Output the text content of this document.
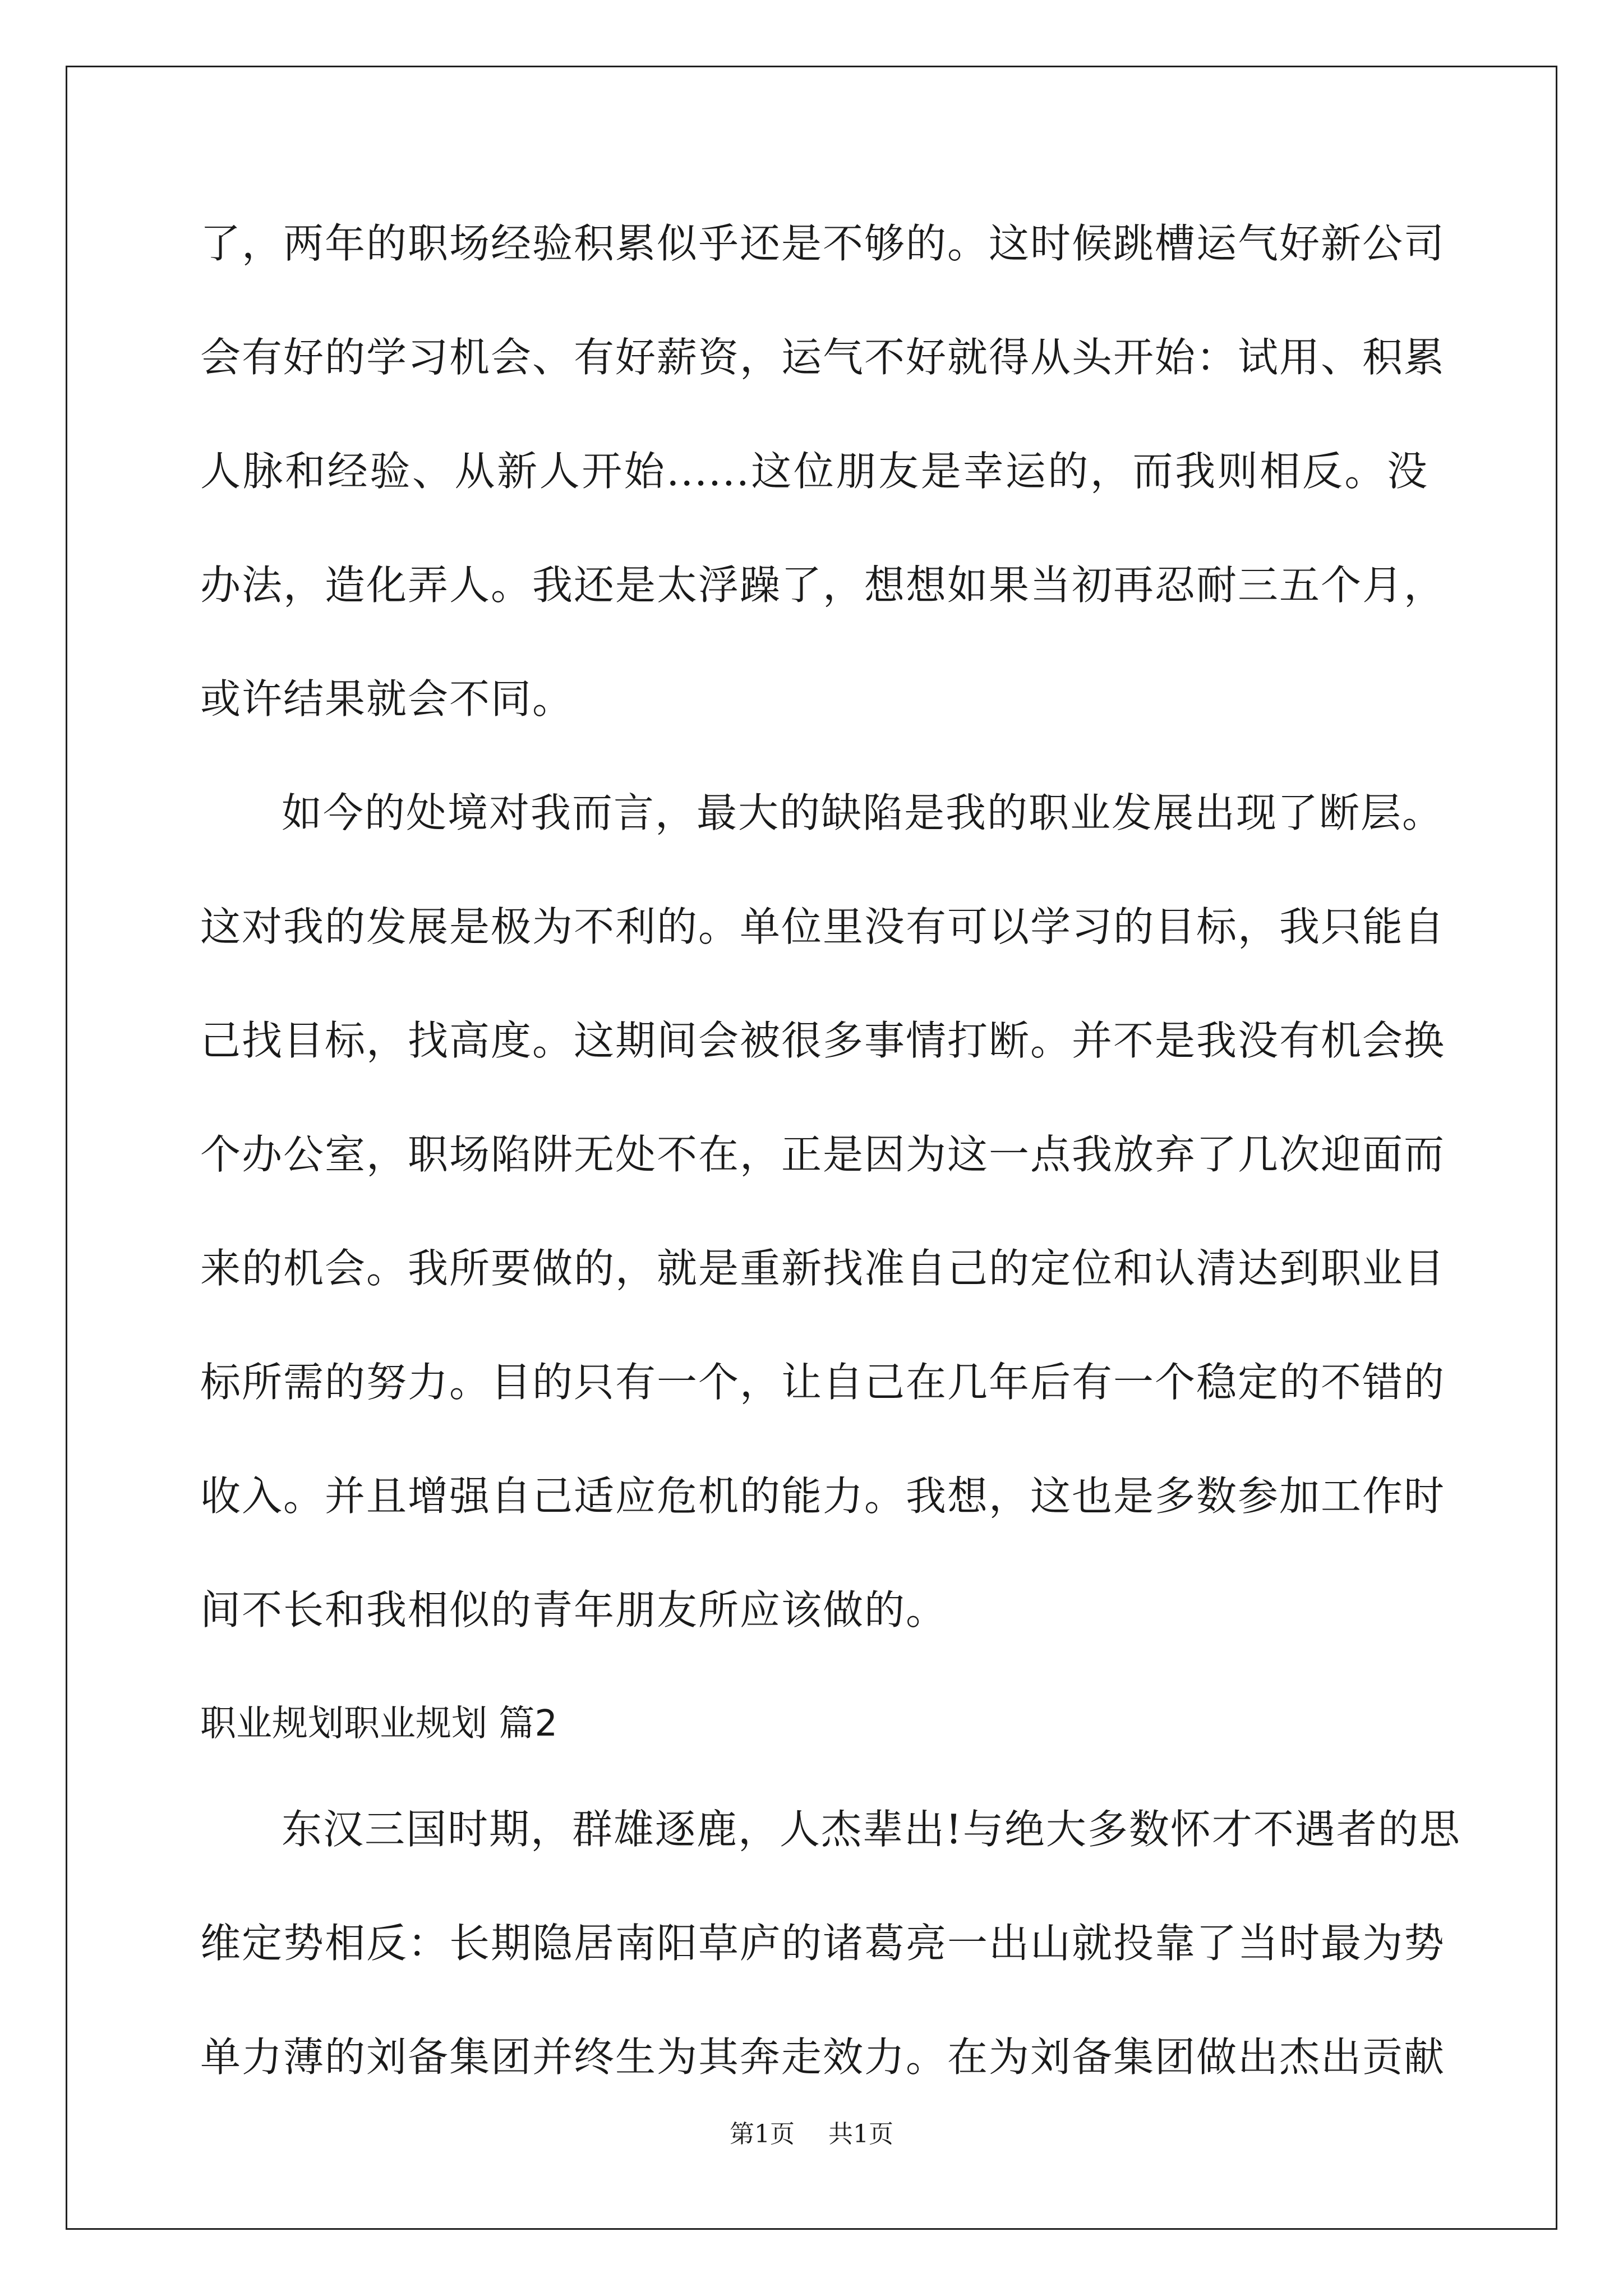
了，两年的职场经验积累似乎还是不够的。这时候跳槽运气好新公司
会有好的学习机会、有好薪资，运气不好就得从头开始：试用、积累
人脉和经验、从新人开始......这位朋友是幸运的，而我则相反。没
办法，造化弄人。我还是太浮躁了，想想如果当初再忍耐三五个月，
或许结果就会不同。
如今的处境对我而言，最大的缺陷是我的职业发展出现了断层。
这对我的发展是极为不利的。单位里没有可以学习的目标，我只能自
己找目标，找高度。这期间会被很多事情打断。并不是我没有机会换
个办公室，职场陷阱无处不在，正是因为这一点我放弃了几次迎面而
来的机会。我所要做的，就是重新找准自己的定位和认清达到职业目
标所需的努力。目的只有一个，让自己在几年后有一个稳定的不错的
收入。并且增强自己适应危机的能力。我想，这也是多数参加工作时
间不长和我相似的青年朋友所应该做的。
职业规划职业规划 篇2
东汉三国时期，群雄逐鹿，人杰辈出!与绝大多数怀才不遇者的思
维定势相反：长期隐居南阳草庐的诸葛亮一出山就投靠了当时最为势
单力薄的刘备集团并终生为其奔走效力。在为刘备集团做出杰出贡献
第1页 共1页
